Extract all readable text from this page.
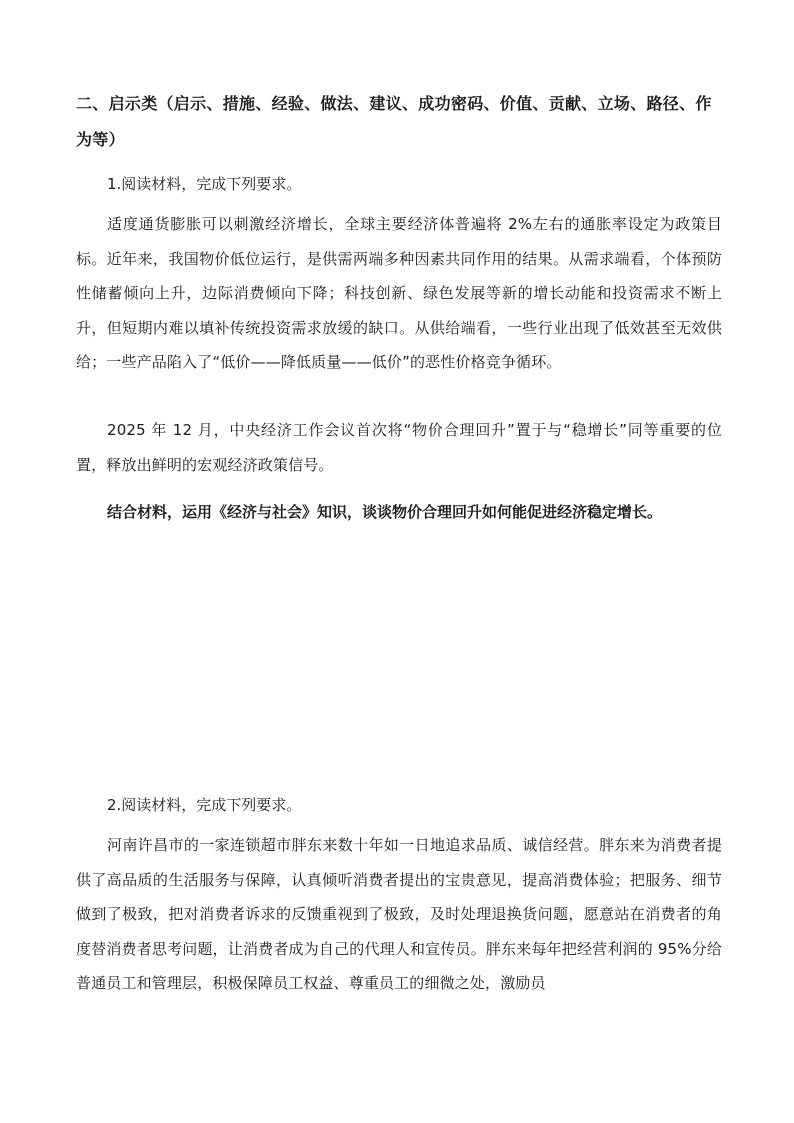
二、启示类（启示、措施、经验、做法、建议、成功密码、价值、贡献、立场、路径、作为等）
1.阅读材料，完成下列要求。
适度通货膨胀可以刺激经济增长，全球主要经济体普遍将 2%左右的通胀率设定为政策目标。近年来，我国物价低位运行，是供需两端多种因素共同作用的结果。从需求端看，个体预防性储蓄倾向上升，边际消费倾向下降；科技创新、绿色发展等新的增长动能和投资需求不断上升，但短期内难以填补传统投资需求放缓的缺口。从供给端看，一些行业出现了低效甚至无效供给；一些产品陷入了“低价——降低质量——低价”的恶性价格竞争循环。
2025 年 12 月，中央经济工作会议首次将“物价合理回升”置于与“稳增长”同等重要的位置，释放出鲜明的宏观经济政策信号。
结合材料，运用《经济与社会》知识，谈谈物价合理回升如何能促进经济稳定增长。
2.阅读材料，完成下列要求。
河南许昌市的一家连锁超市胖东来数十年如一日地追求品质、诚信经营。胖东来为消费者提供了高品质的生活服务与保障，认真倾听消费者提出的宝贵意见，提高消费体验；把服务、细节做到了极致，把对消费者诉求的反馈重视到了极致，及时处理退换货问题，愿意站在消费者的角度替消费者思考问题，让消费者成为自己的代理人和宣传员。胖东来每年把经营利润的 95%分给普通员工和管理层，积极保障员工权益、尊重员工的细微之处，激励员
